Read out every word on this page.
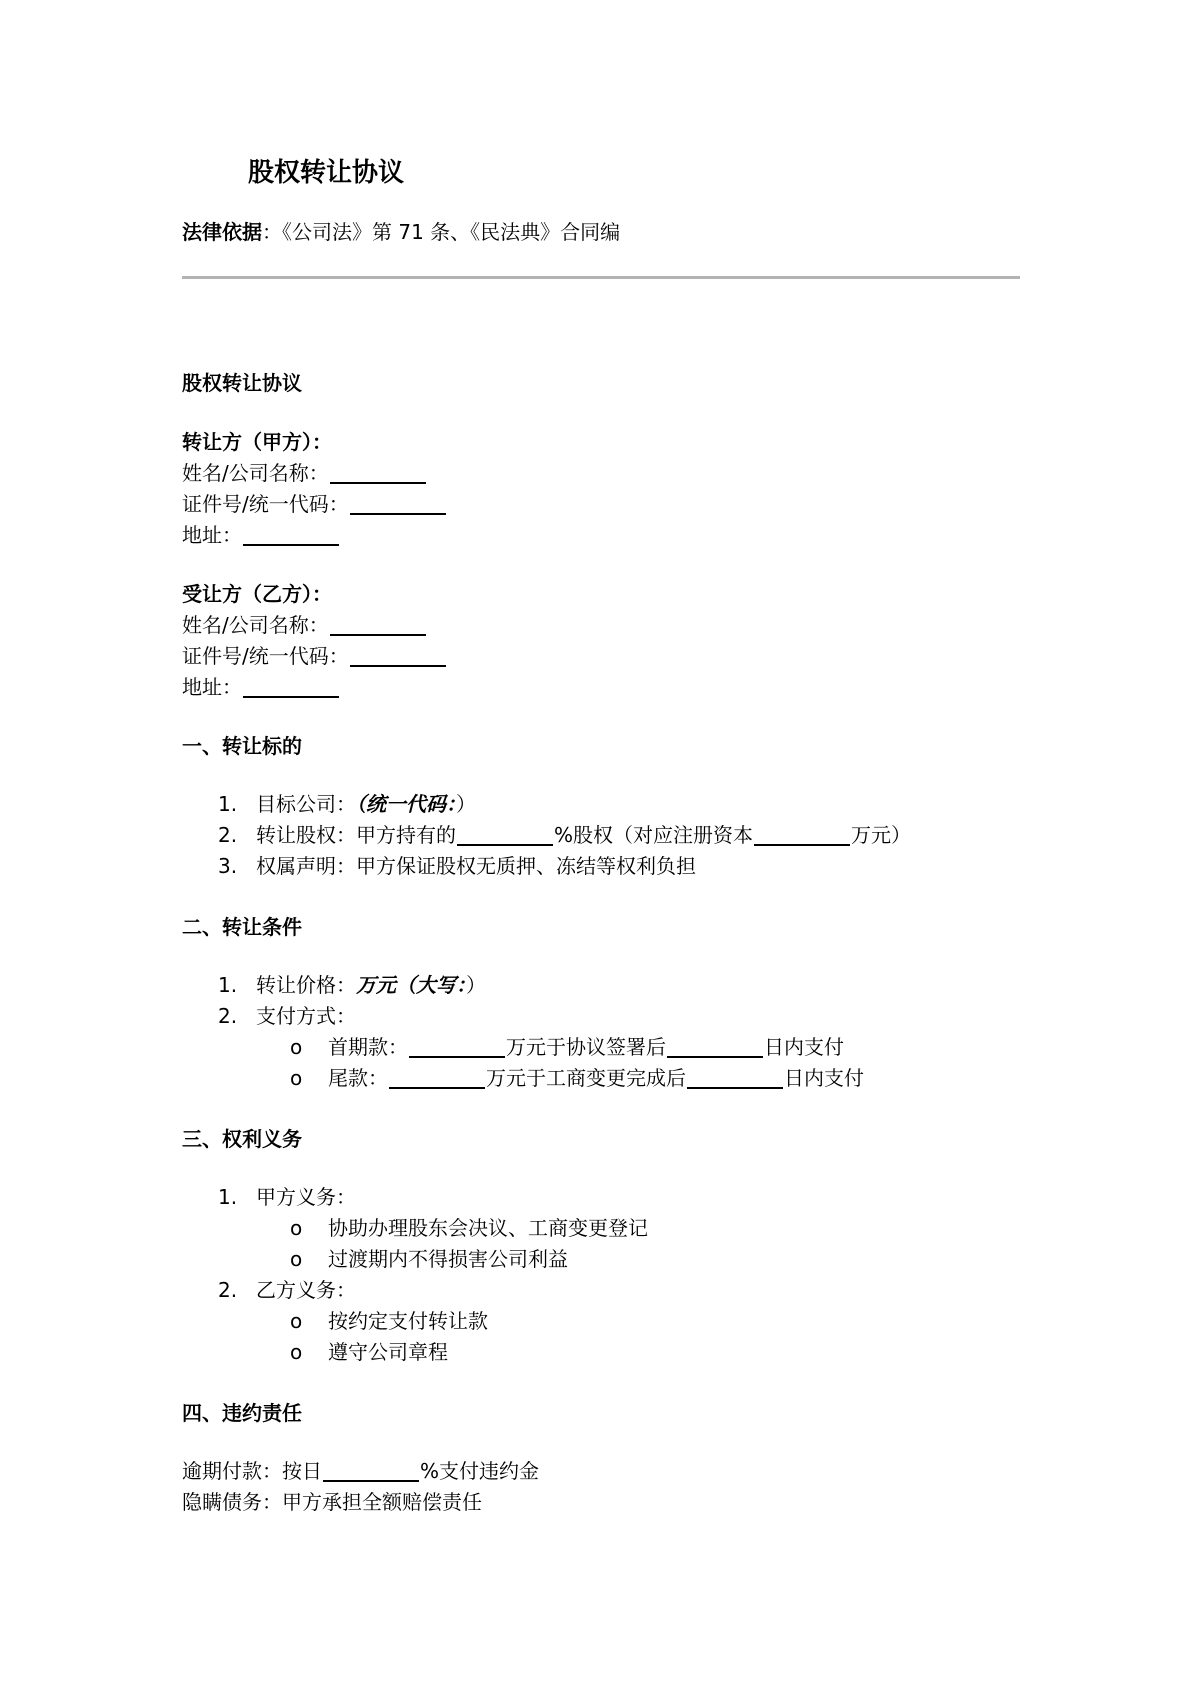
股权转让协议
法律依据：《公司法》第 71 条、《民法典》合同编
股权转让协议
转让方（甲方）：
姓名/公司名称：
证件号/统一代码：
地址：
受让方（乙方）：
姓名/公司名称：
证件号/统一代码：
地址：
一、转让标的
1. 目标公司：（统一代码：）
2. 转让股权：甲方持有的	%股权（对应注册资本	万元）
3. 权属声明：甲方保证股权无质押、冻结等权利负担
二、转让条件
1. 转让价格：万元（大写：）
2. 支付方式：
o 首期款：	万元于协议签署后	日内支付
o 尾款：	万元于工商变更完成后	日内支付
三、权利义务
1. 甲方义务：
o 协助办理股东会决议、工商变更登记
o 过渡期内不得损害公司利益
2. 乙方义务：
o 按约定支付转让款
o 遵守公司章程
四、违约责任
逾期付款：按日	%支付违约金
隐瞒债务：甲方承担全额赔偿责任
